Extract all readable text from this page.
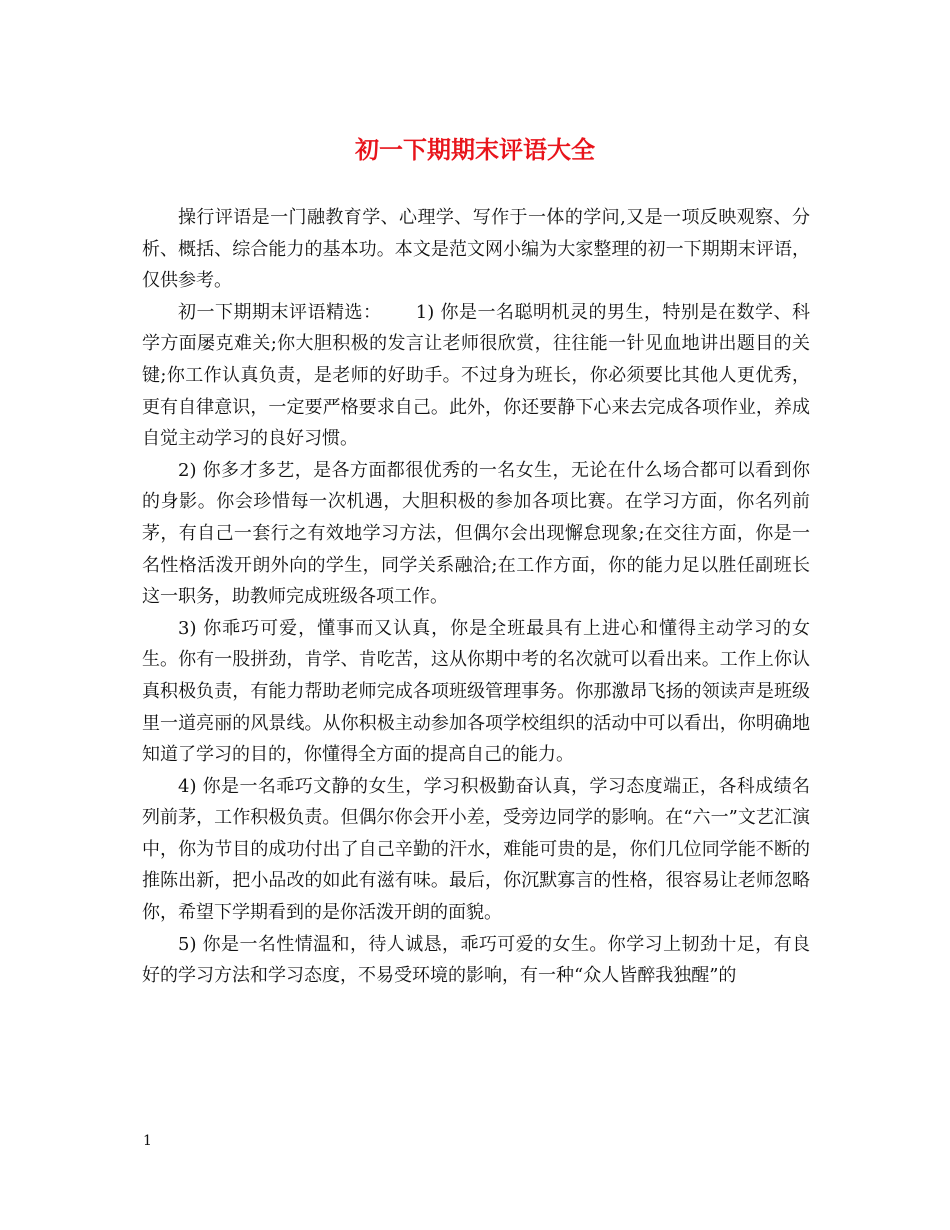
初一下期期末评语大全

操行评语是一门融教育学、心理学、写作于一体的学问,又是一项反映观察、分析、概括、综合能力的基本功。本文是范文网小编为大家整理的初一下期期末评语，仅供参考。

初一下期期末评语精选：　　 1) 你是一名聪明机灵的男生，特别是在数学、科学方面屡克难关;你大胆积极的发言让老师很欣赏，往往能一针见血地讲出题目的关键;你工作认真负责，是老师的好助手。不过身为班长，你必须要比其他人更优秀，更有自律意识，一定要严格要求自己。此外，你还要静下心来去完成各项作业，养成自觉主动学习的良好习惯。

2) 你多才多艺，是各方面都很优秀的一名女生，无论在什么场合都可以看到你的身影。你会珍惜每一次机遇，大胆积极的参加各项比赛。在学习方面，你名列前茅，有自己一套行之有效地学习方法，但偶尔会出现懈怠现象;在交往方面，你是一名性格活泼开朗外向的学生，同学关系融洽;在工作方面，你的能力足以胜任副班长这一职务，助教师完成班级各项工作。

3) 你乖巧可爱，懂事而又认真，你是全班最具有上进心和懂得主动学习的女生。你有一股拼劲，肯学、肯吃苦，这从你期中考的名次就可以看出来。工作上你认真积极负责，有能力帮助老师完成各项班级管理事务。你那激昂飞扬的领读声是班级里一道亮丽的风景线。从你积极主动参加各项学校组织的活动中可以看出，你明确地知道了学习的目的，你懂得全方面的提高自己的能力。

4) 你是一名乖巧文静的女生，学习积极勤奋认真，学习态度端正，各科成绩名列前茅，工作积极负责。但偶尔你会开小差，受旁边同学的影响。在“六一”文艺汇演中，你为节目的成功付出了自己辛勤的汗水，难能可贵的是，你们几位同学能不断的推陈出新，把小品改的如此有滋有味。最后，你沉默寡言的性格，很容易让老师忽略你，希望下学期看到的是你活泼开朗的面貌。

5) 你是一名性情温和，待人诚恳，乖巧可爱的女生。你学习上韧劲十足，有良好的学习方法和学习态度，不易受环境的影响，有一种“众人皆醉我独醒”的

1
